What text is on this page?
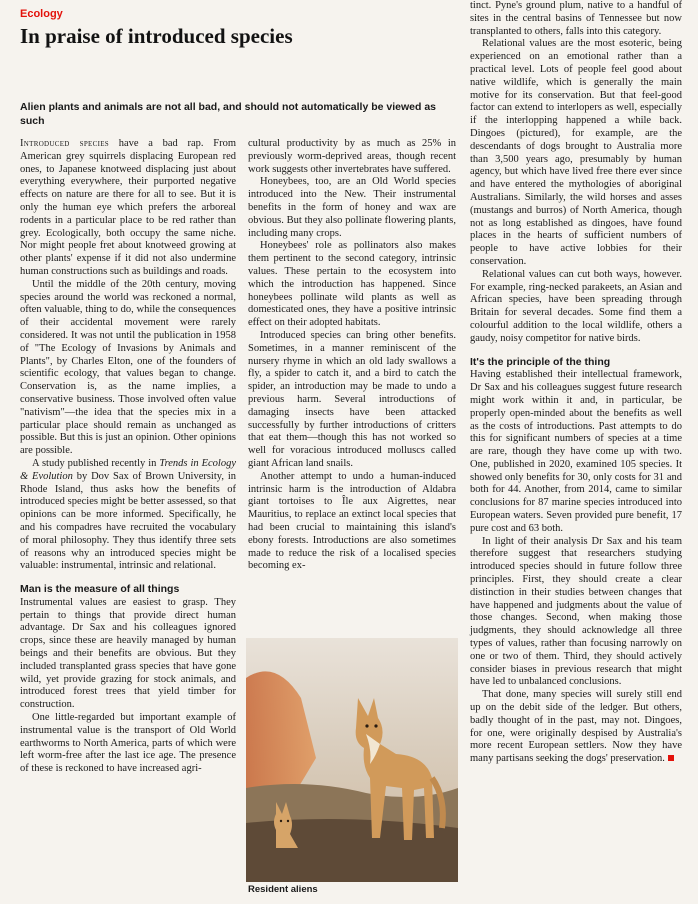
Ecology
In praise of introduced species

Alien plants and animals are not all bad, and should not automatically be viewed as such

Introduced species have a bad rap. From American grey squirrels displacing European red ones, to Japanese knotweed displacing just about everything everywhere, their purported negative effects on nature are there for all to see. But it is only the human eye which prefers the arboreal rodents in a particular place to be red rather than grey. Ecologically, both occupy the same niche. Nor might people fret about knotweed growing at other plants' expense if it did not also undermine human constructions such as buildings and roads.

Until the middle of the 20th century, moving species around the world was reckoned a normal, often valuable, thing to do, while the consequences of their accidental movement were rarely considered. It was not until the publication in 1958 of "The Ecology of Invasions by Animals and Plants", by Charles Elton, one of the founders of scientific ecology, that values began to change. Conservation is, as the name implies, a conservative business. Those involved often value "nativism"—the idea that the species mix in a particular place should remain as unchanged as possible. But this is just an opinion. Other opinions are possible.

A study published recently in Trends in Ecology & Evolution by Dov Sax of Brown University, in Rhode Island, thus asks how the benefits of introduced species might be better assessed, so that opinions can be more informed. Specifically, he and his compadres have recruited the vocabulary of moral philosophy. They thus identify three sets of reasons why an introduced species might be valuable: instrumental, intrinsic and relational.

Man is the measure of all things

Instrumental values are easiest to grasp. They pertain to things that provide direct human advantage. Dr Sax and his colleagues ignored crops, since these are heavily managed by human beings and their benefits are obvious. But they included transplanted grass species that have gone wild, yet provide grazing for stock animals, and introduced forest trees that yield timber for construction.

One little-regarded but important example of instrumental value is the transport of Old World earthworms to North America, parts of which were left worm-free after the last ice age. The presence of these is reckoned to have increased agri-

cultural productivity by as much as 25% in previously worm-deprived areas, though recent work suggests other invertebrates have suffered.

Honeybees, too, are an Old World species introduced into the New. Their instrumental benefits in the form of honey and wax are obvious. But they also pollinate flowering plants, including many crops.

Honeybees' role as pollinators also makes them pertinent to the second category, intrinsic values. These pertain to the ecosystem into which the introduction has happened. Since honeybees pollinate wild plants as well as domesticated ones, they have a positive intrinsic effect on their adopted habitats.

Introduced species can bring other benefits. Sometimes, in a manner reminiscent of the nursery rhyme in which an old lady swallows a fly, a spider to catch it, and a bird to catch the spider, an introduction may be made to undo a previous harm. Several introductions of damaging insects have been attacked successfully by further introductions of critters that eat them—though this has not worked so well for voracious introduced molluscs called giant African land snails.

Another attempt to undo a human-induced intrinsic harm is the introduction of Aldabra giant tortoises to Île aux Aigrettes, near Mauritius, to replace an extinct local species that had been crucial to maintaining this island's ebony forests. Introductions are also sometimes made to reduce the risk of a localised species becoming ex-

Resident aliens

tinct. Pyne's ground plum, native to a handful of sites in the central basins of Tennessee but now transplanted to others, falls into this category.

Relational values are the most esoteric, being experienced on an emotional rather than a practical level. Lots of people feel good about native wildlife, which is generally the main motive for its conservation. But that feel-good factor can extend to interlopers as well, especially if the interlopping happened a while back. Dingoes (pictured), for example, are the descendants of dogs brought to Australia more than 3,500 years ago, presumably by human agency, but which have lived free there ever since and have entered the mythologies of aboriginal Australians. Similarly, the wild horses and asses (mustangs and burros) of North America, though not as long established as dingoes, have found places in the hearts of sufficient numbers of people to have active lobbies for their conservation.

Relational values can cut both ways, however. For example, ring-necked parakeets, an Asian and African species, have been spreading through Britain for several decades. Some find them a colourful addition to the local wildlife, others a gaudy, noisy competitor for native birds.

It's the principle of the thing

Having established their intellectual framework, Dr Sax and his colleagues suggest future research might work within it and, in particular, be properly open-minded about the benefits as well as the costs of introductions. Past attempts to do this for significant numbers of species at a time are rare, though they have come up with two. One, published in 2020, examined 105 species. It showed only benefits for 30, only costs for 31 and both for 44. Another, from 2014, came to similar conclusions for 87 marine species introduced into European waters. Seven provided pure benefit, 17 pure cost and 63 both.

In light of their analysis Dr Sax and his team therefore suggest that researchers studying introduced species should in future follow three principles. First, they should create a clear distinction in their studies between changes that have happened and judgments about the value of those changes. Second, when making those judgments, they should acknowledge all three types of values, rather than focusing narrowly on one or two of them. Third, they should actively consider biases in previous research that might have led to unbalanced conclusions.

That done, many species will surely still end up on the debit side of the ledger. But others, badly thought of in the past, may not. Dingoes, for one, were originally despised by Australia's more recent European settlers. Now they have many partisans seeking the dogs' preservation.
